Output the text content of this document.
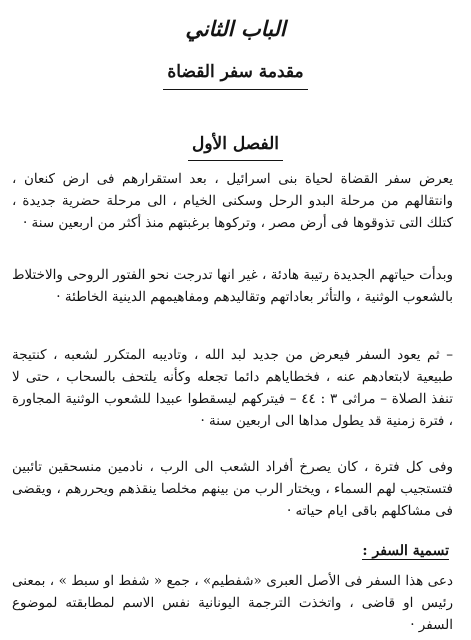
الباب الثاني
مقدمة سفر القضاة
الفصل الأول

يعرض سفر القضاة لحياة بنى اسرائيل ، بعد استقرارهم فى ارض كنعان ، وانتقالهم من مرحلة البدو الرحل وسكنى الخيام ، الى مرحلة حضرية جديدة ، كتلك التى تذوقوها فى أرض مصر ، وتركوها برغبتهم منذ أكثر من اربعين سنة ·

وبدأت حياتهم الجديدة رتيبة هادئة ، غير انها تدرجت نحو الفتور الروحى والاختلاط بالشعوب الوثنية ، والتأثر بعاداتهم وتقاليدهم ومفاهيمهم الدينية الخاطئة ·

– ثم يعود السفر فيعرض من جديد لبد الله ، وتاديبه المتكرر لشعبه ، كنتيجة طبيعية لابتعادهم عنه ، فخطاياهم دائما تجعله وكأنه يلتحف بالسحاب ، حتى لا تنفذ الصلاة – مراثى ٣ : ٤٤ – فيتركهم ليسقطوا عبيدا للشعوب الوثنية المجاورة ، فترة زمنية قد يطول مداها الى اربعين سنة ·

وفى كل فترة ، كان يصرخ أفراد الشعب الى الرب ، نادمين منسحقين تائبين فتستجيب لهم السماء ، ويختار الرب من بينهم مخلصا ينقذهم ويحررهم ، ويقضى فى مشاكلهم باقى ايام حياته ·

تسمية السفر :

دعى هذا السفر فى الأصل العبرى «شفطيم» ، جمع « شفط او سبط » ، بمعنى رئيس او قاضى ، واتخذت الترجمة اليونانية نفس الاسم لمطابقته لموضوع السفر ·
